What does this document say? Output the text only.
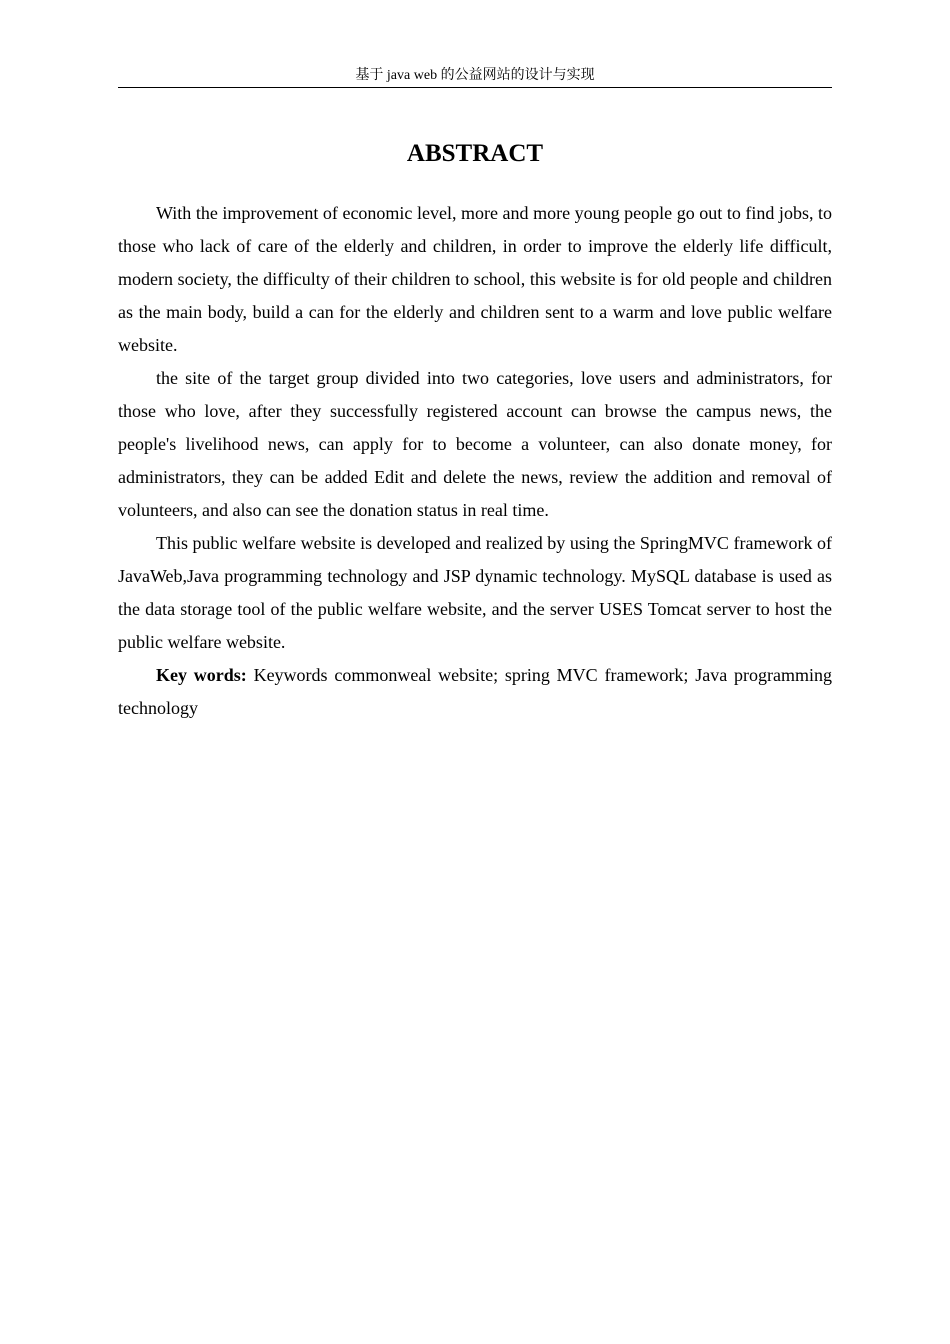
基于 java web 的公益网站的设计与实现
ABSTRACT

With the improvement of economic level, more and more young people go out to find jobs, to those who lack of care of the elderly and children, in order to improve the elderly life difficult, modern society, the difficulty of their children to school, this website is for old people and children as the main body, build a can for the elderly and children sent to a warm and love public welfare website.

the site of the target group divided into two categories, love users and administrators, for those who love, after they successfully registered account can browse the campus news, the people's livelihood news, can apply for to become a volunteer, can also donate money, for administrators, they can be added Edit and delete the news, review the addition and removal of volunteers, and also can see the donation status in real time.

This public welfare website is developed and realized by using the SpringMVC framework of JavaWeb,Java programming technology and JSP dynamic technology. MySQL database is used as the data storage tool of the public welfare website, and the server USES Tomcat server to host the public welfare website.

Key words: Keywords commonweal website; spring MVC framework; Java programming technology
